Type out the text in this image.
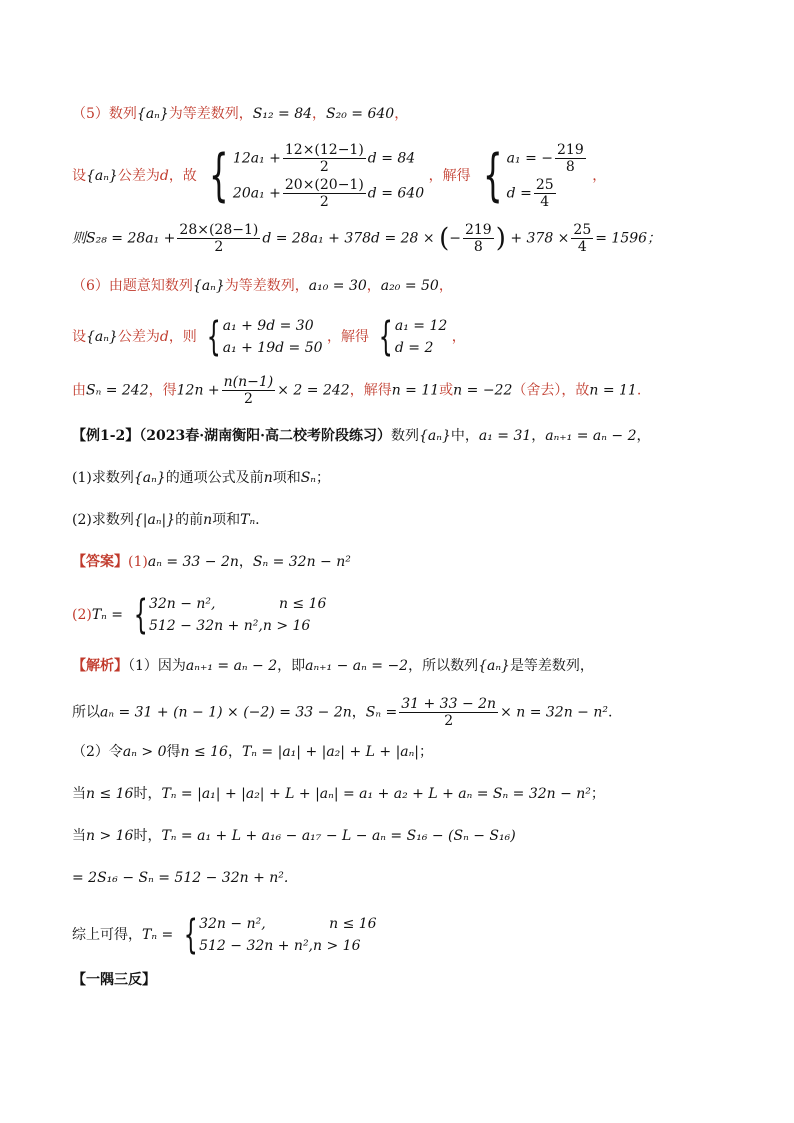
（5）数列{aₙ}为等差数列，S₁₂ = 84，S₂₀ = 640，
设{aₙ}公差为d，故 { $12a_1 + \frac{12\times(12-1)}{2}$ d = 84
$20a_1 + \frac{20\times(20-1)}{2}$ d = 640
，解得 { a₁ = − $\frac{219}{8}$
$d = \frac{25}{4}$
，
则$S_{28} = 28a_1 + \frac{28\times(28-1)}{2}$ d = 28a₁ + 378d = 28 × (− $\frac{219}{8}$ ) + $378 \times \frac{25}{4} = 1596$；
（6）由题意知数列{aₙ}为等差数列，a₁₀ = 30，a₂₀ = 50，
设{aₙ}公差为d，则 { a₁ + 9d = 30
a₁ + 19d = 50
，解得 { a₁ = 12
d = 2
，
由Sₙ = 242，得$12n + \frac{n(n-1)}{2} \times 2 = 242$，解得n = 11或n = −22（舍去），故n = 11.
【例1-2】（2023春·湖南衡阳·高二校考阶段练习）数列{aₙ}中，a₁ = 31，aₙ₊₁ = aₙ − 2，
(1)求数列{aₙ}的通项公式及前n项和Sₙ；
(2)求数列{|aₙ|}的前n项和Tₙ.
【答案】(1)aₙ = 33 − 2n，Sₙ = 32n − n²
(2)Tₙ = { 32n − n²,	n ≤ 16
512 − 32n + n²,n > 16
【解析】（1）因为aₙ₊₁ = aₙ − 2，即aₙ₊₁ − aₙ = −2，所以数列{aₙ}是等差数列，
所以aₙ = 31 + (n − 1) × (−2) = 33 − 2n，$S_n = \frac{31 + 33 - 2n}{2} \times n = 32n - n^2$.
（2）令aₙ > 0得n ≤ 16，Tₙ = |a₁| + |a₂| + L + |aₙ|；
当n ≤ 16时，Tₙ = |a₁| + |a₂| + L + |aₙ| = a₁ + a₂ + L + aₙ = Sₙ = 32n − n²；
当n > 16时，Tₙ = a₁ + L + a₁₆ − a₁₇ − L − aₙ = S₁₆ − (Sₙ − S₁₆)
= 2S₁₆ − Sₙ = 512 − 32n + n².
综上可得，Tₙ = { 32n − n²,	n ≤ 16
512 − 32n + n²,n > 16
【一隅三反】
